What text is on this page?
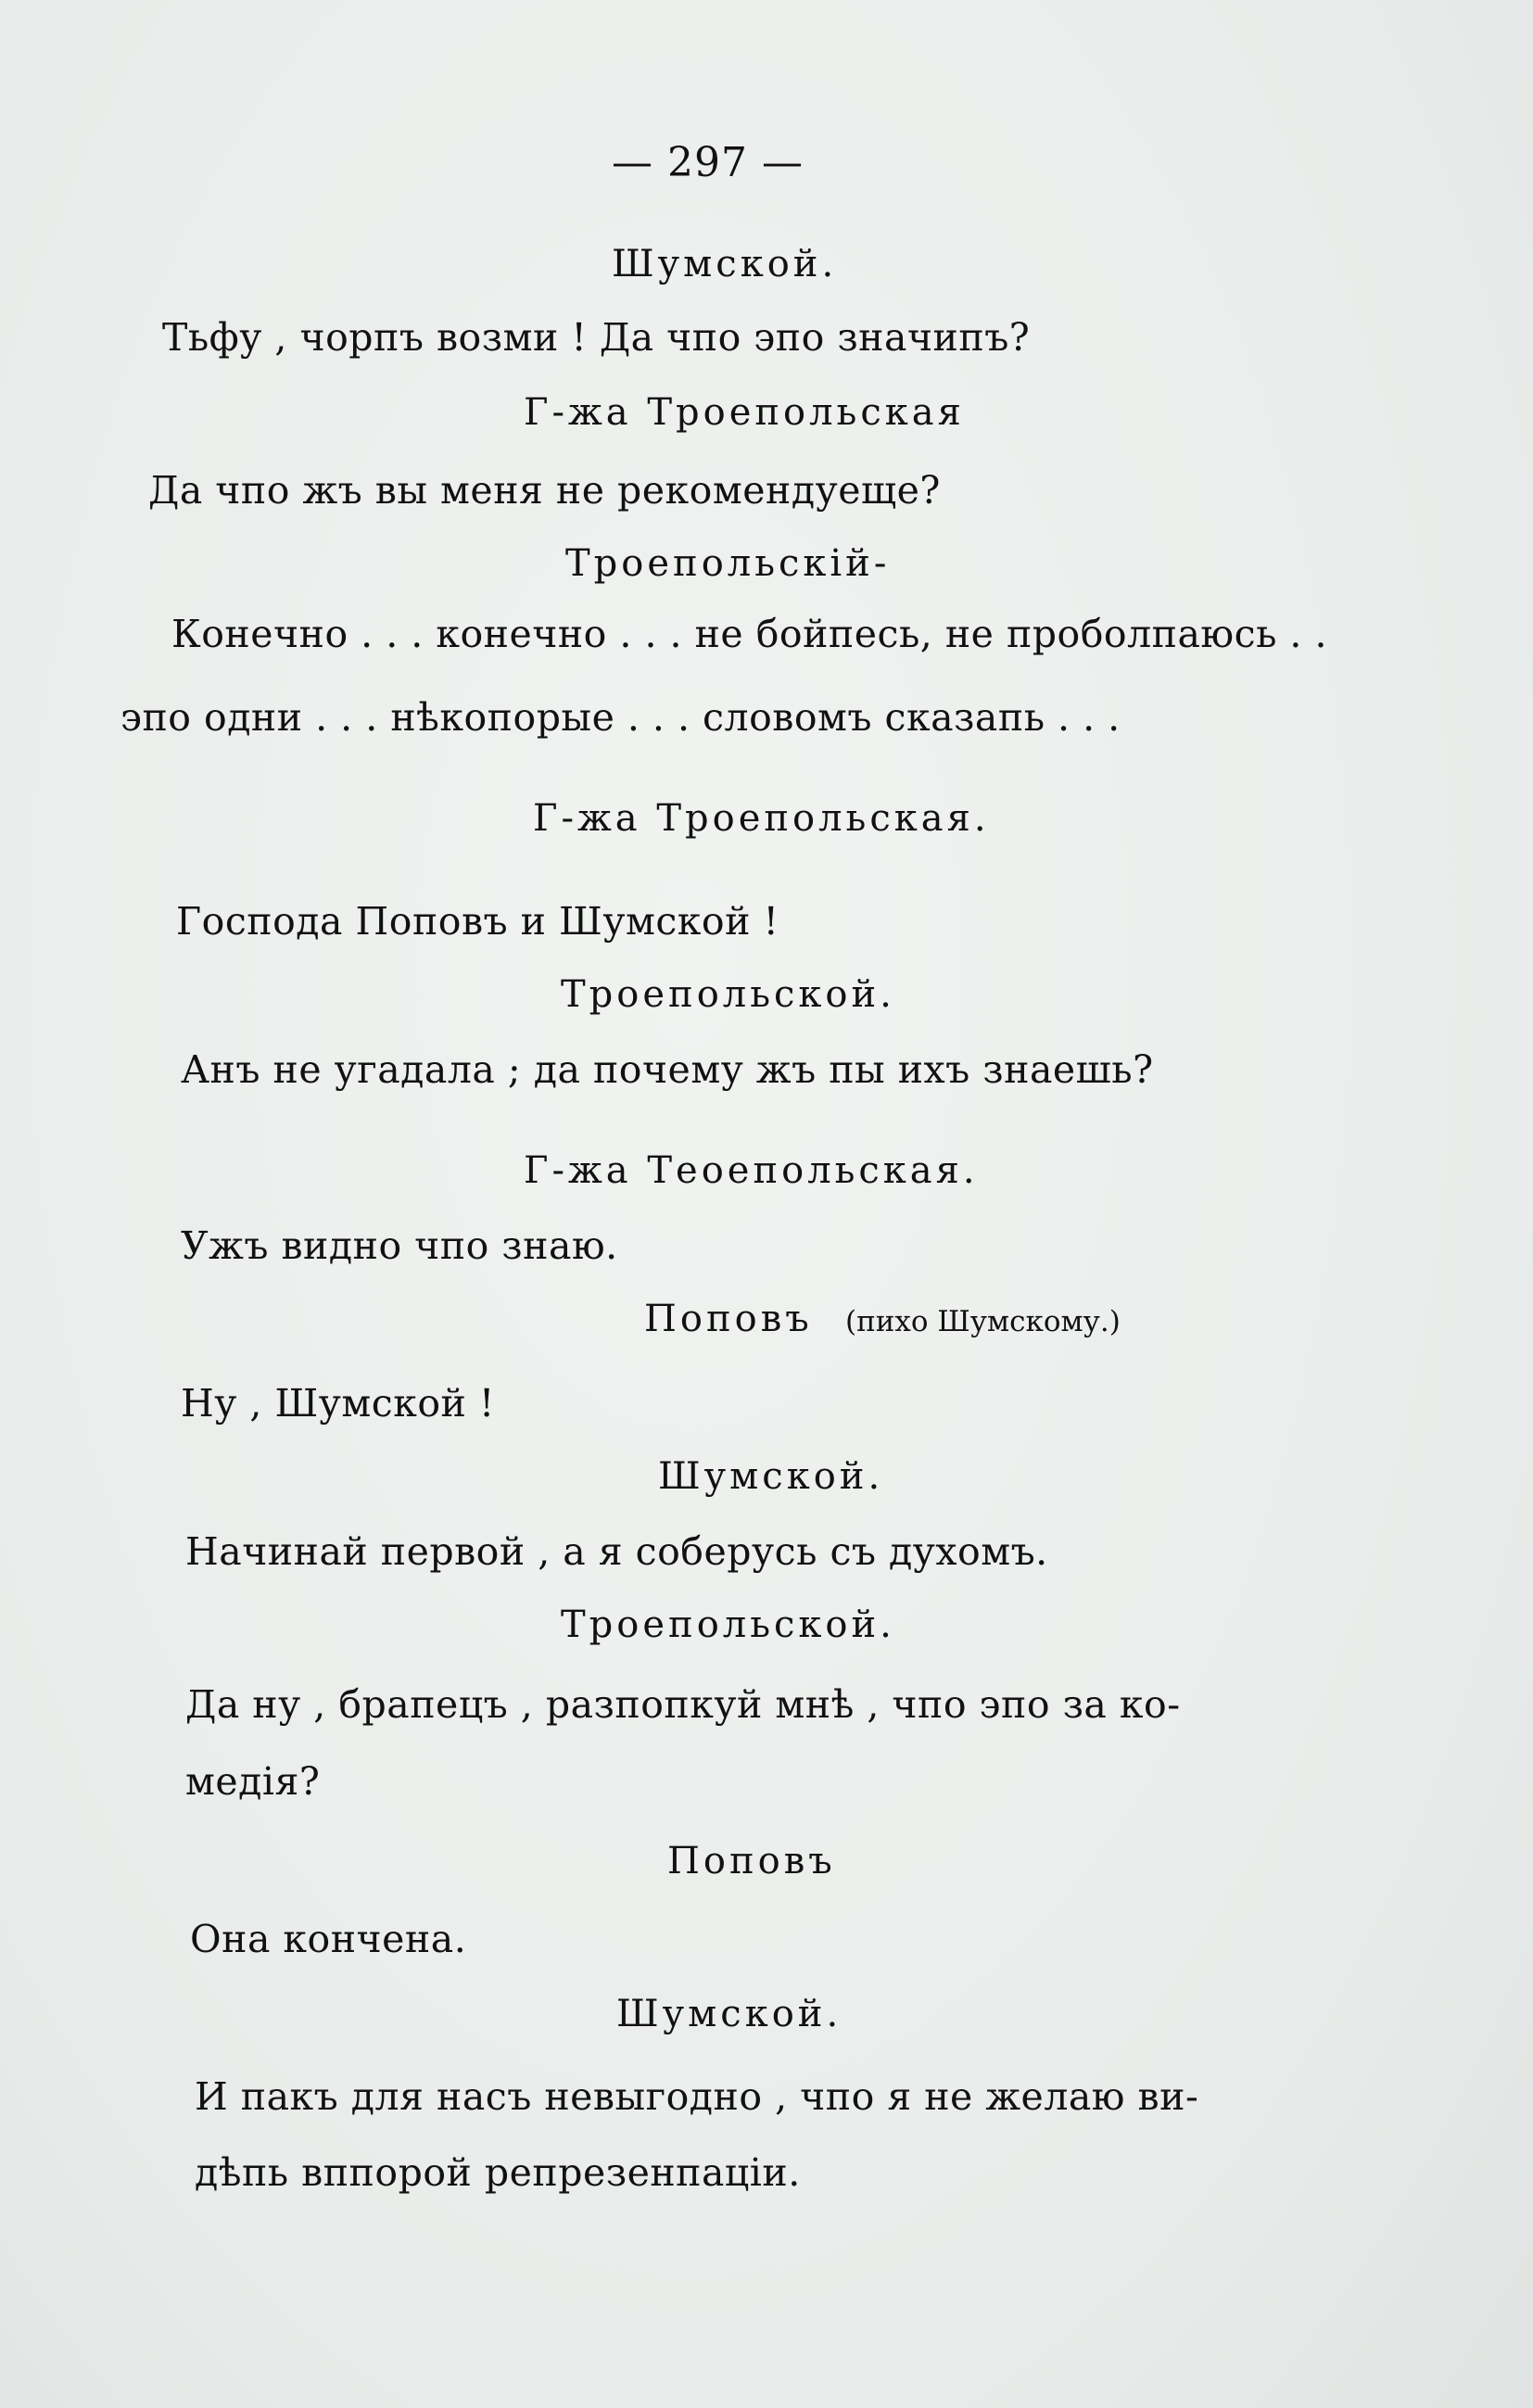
— 297 —
Шумской.
Тьфу , чорпъ возми ! Да чпо эпо значипъ?
Г-жа Троепольская
Да чпо жъ вы меня не рекомендуеще?
Троепольскій-
Конечно . . . конечно . . . не бойпесь, не проболпаюсь . .
эпо одни . . . нѣкопорые . . . словомъ сказапь . . .
Г-жа Троепольская.
Господа Поповъ и Шумской !
Троепольской.
Анъ не угадала ; да почему жъ пы ихъ знаешь?
Г-жа Теоепольская.
Ужъ видно чпо знаю.
Поповъ (пихо Шумскому.)
Ну , Шумской !
Шумской.
Начинай первой , а я соберусь съ духомъ.
Троепольской.
Да ну , брапецъ , разпопкуй мнѣ , чпо эпо за ко-
медія?
Поповъ
Она кончена.
Шумской.
И пакъ для насъ невыгодно , чпо я не желаю ви-
дѣпь вппорой репрезенпаціи.
